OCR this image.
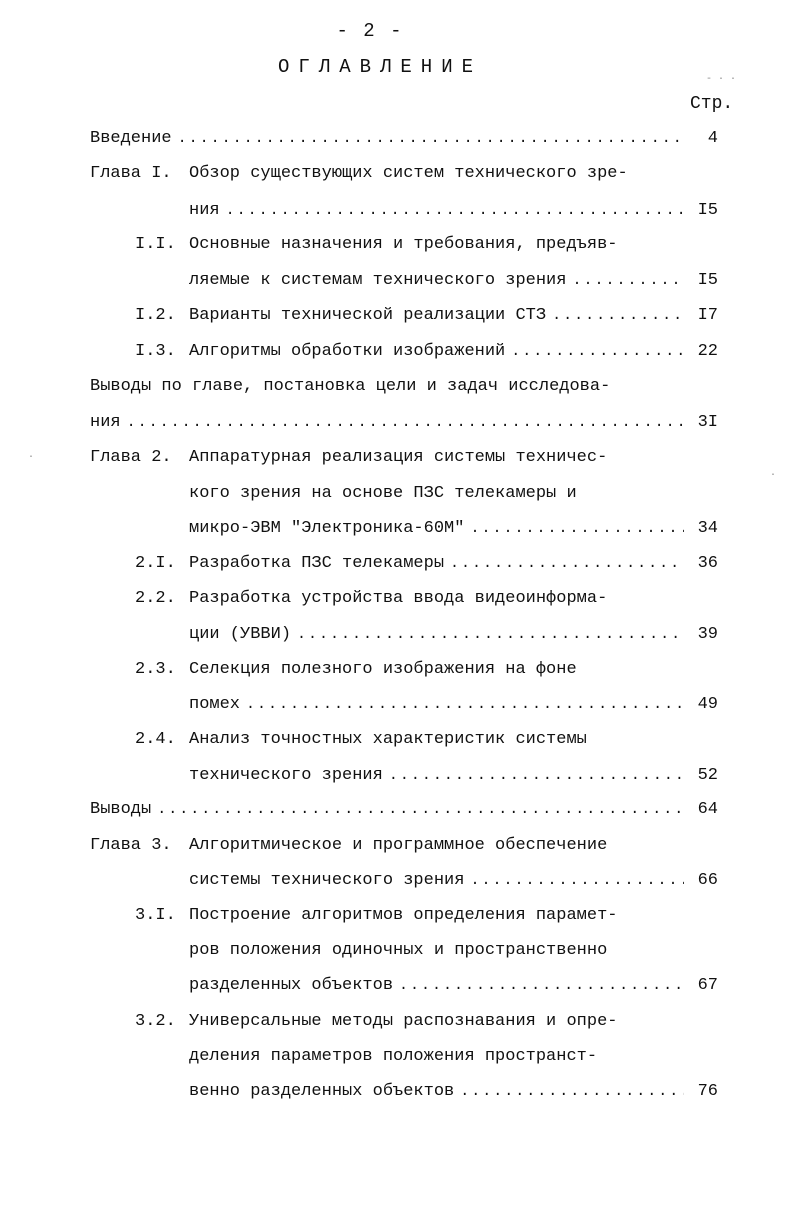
- 2 -
ОГЛАВЛЕНИЕ
Стр.
Введение .....	4
Глава I. Обзор существующих систем технического зре-
ния .....	I5
I.I. Основные назначения и требования, предъяв-
ляемые к системам технического зрения .....	I5
I.2. Варианты технической реализации СТЗ .....	I7
I.3. Алгоритмы обработки изображений .....	22
Выводы по главе, постановка цели и задач исследова-
ния .....	3I
Глава 2. Аппаратурная реализация системы техничес-
кого зрения на основе ПЗС телекамеры и
микро-ЭВМ "Электроника-60М" .....	34
2.I. Разработка ПЗС телекамеры .....	36
2.2. Разработка устройства ввода видеоинформа-
ции (УВВИ) .....	39
2.3. Селекция полезного изображения на фоне
помех .....	49
2.4. Анализ точностных характеристик системы
технического зрения .....	52
Выводы .....	64
Глава 3. Алгоритмическое и программное обеспечение
системы технического зрения .....	66
3.I. Построение алгоритмов определения парамет-
ров положения одиночных и пространственно
разделенных объектов .....	67
3.2. Универсальные методы распознавания и опре-
деления параметров положения пространст-
венно разделенных объектов .....	76
- · ·
·
·
